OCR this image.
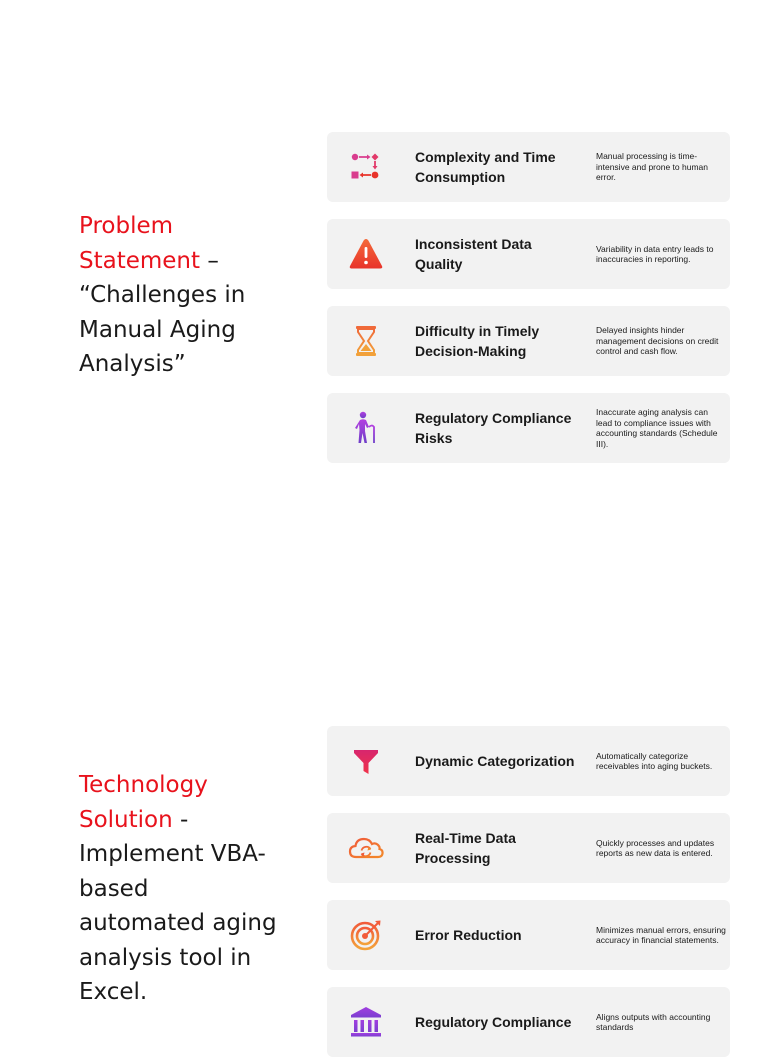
Problem Statement – “Challenges in Manual Aging Analysis”
Complexity and Time Consumption
Manual processing is time-intensive and prone to human error.
Inconsistent Data Quality
Variability in data entry leads to inaccuracies in reporting.
Difficulty in Timely Decision-Making
Delayed insights hinder management decisions on credit control and cash flow.
Regulatory Compliance Risks
Inaccurate aging analysis can lead to compliance issues with accounting standards (Schedule III).
Technology Solution - Implement VBA-based automated aging analysis tool in Excel.
Dynamic Categorization	Automatically categorize receivables into aging buckets.
Real-Time Data Processing
Quickly processes and updates reports as new data is entered.
Error Reduction	Minimizes manual errors, ensuring accuracy in financial statements.
Regulatory Compliance	Aligns outputs with accounting standards
